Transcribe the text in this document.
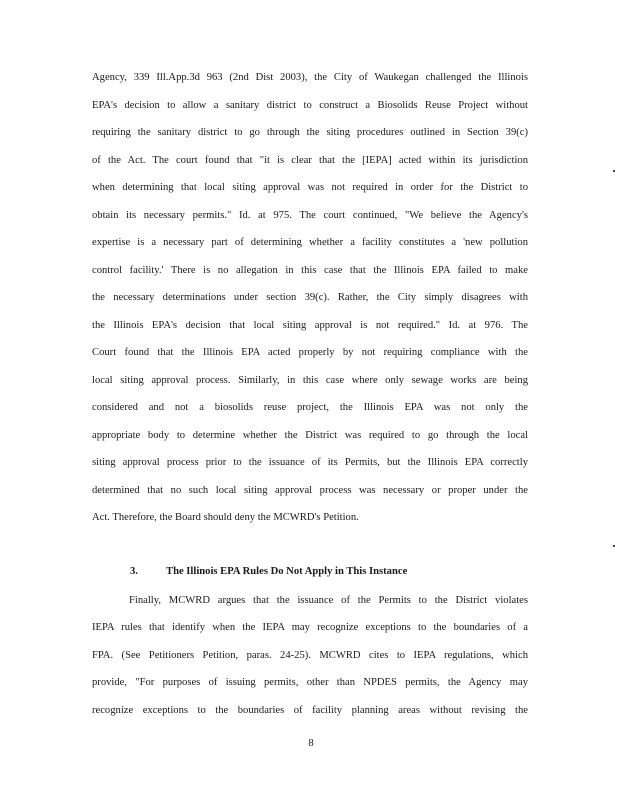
Agency, 339 Ill.App.3d 963 (2nd Dist 2003), the City of Waukegan challenged the Illinois
EPA's decision to allow a sanitary district to construct a Biosolids Reuse Project without
requiring the sanitary district to go through the siting procedures outlined in Section 39(c)
of the Act. The court found that "it is clear that the [IEPA] acted within its jurisdiction
when determining that local siting approval was not required in order for the District to
obtain its necessary permits." Id. at 975. The court continued, "We believe the Agency's
expertise is a necessary part of determining whether a facility constitutes a 'new pollution
control facility.' There is no allegation in this case that the Illinois EPA failed to make
the necessary determinations under section 39(c). Rather, the City simply disagrees with
the Illinois EPA's decision that local siting approval is not required." Id. at 976. The
Court found that the Illinois EPA acted properly by not requiring compliance with the
local siting approval process. Similarly, in this case where only sewage works are being
considered and not a biosolids reuse project, the Illinois EPA was not only the
appropriate body to determine whether the District was required to go through the local
siting approval process prior to the issuance of its Permits, but the Illinois EPA correctly
determined that no such local siting approval process was necessary or proper under the
Act. Therefore, the Board should deny the MCWRD's Petition.
3.	The Illinois EPA Rules Do Not Apply in This Instance
Finally, MCWRD argues that the issuance of the Permits to the District violates
IEPA rules that identify when the IEPA may recognize exceptions to the boundaries of a
FPA. (See Petitioners Petition, paras. 24-25). MCWRD cites to IEPA regulations, which
provide, "For purposes of issuing permits, other than NPDES permits, the Agency may
recognize exceptions to the boundaries of facility planning areas without revising the
8
